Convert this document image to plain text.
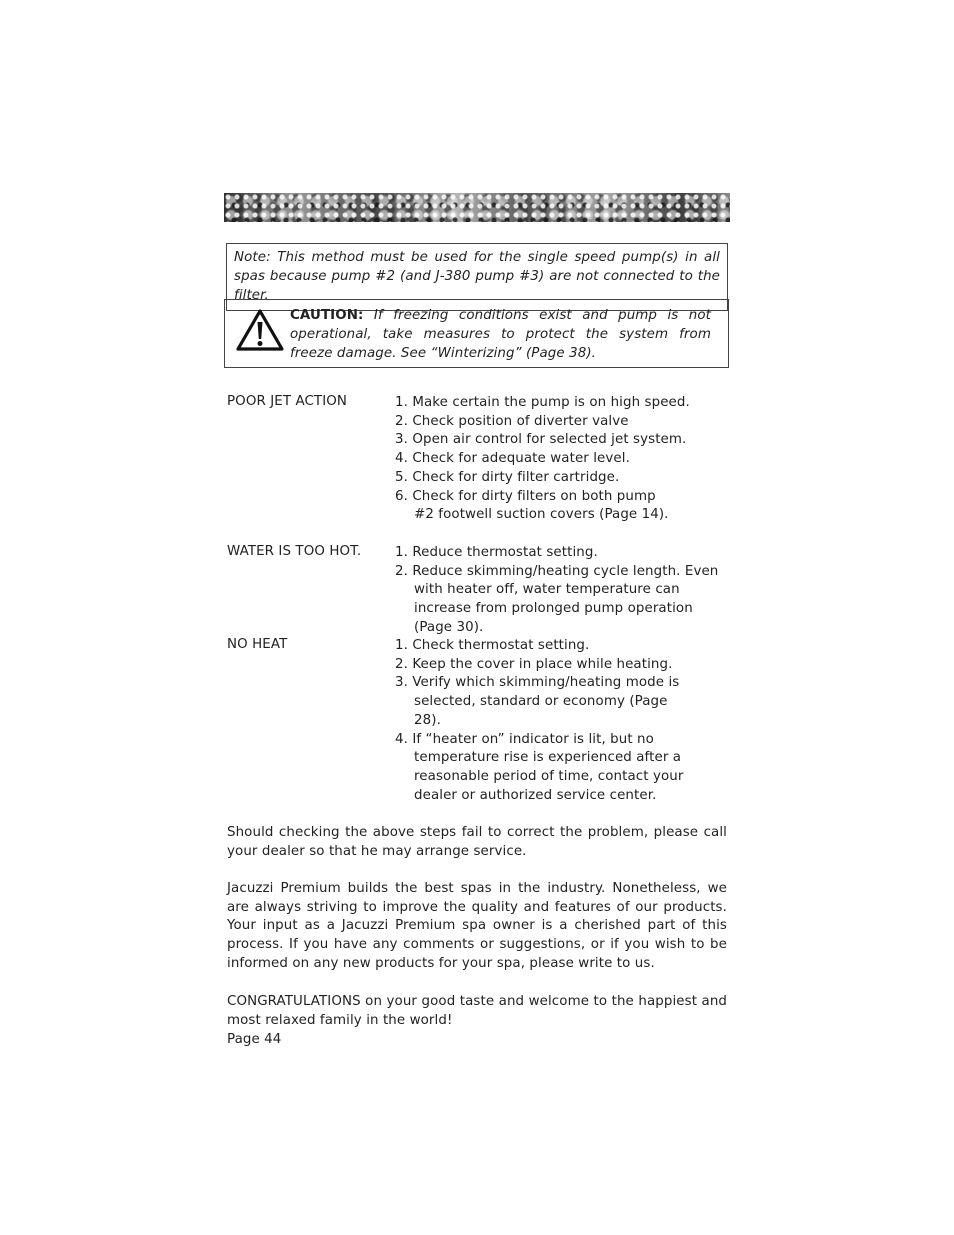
Note: This method must be used for the single speed pump(s) in all spas because pump #2 (and J-380 pump #3) are not connected to the filter.
CAUTION: If freezing conditions exist and pump is not operational, take measures to protect the system from freeze damage. See “Winterizing” (Page 38).
POOR JET ACTION	1. Make certain the pump is on high speed.
2. Check position of diverter valve
3. Open air control for selected jet system.
4. Check for adequate water level.
5. Check for dirty filter cartridge.
6. Check for dirty filters on both pump #2 footwell suction covers (Page 14).
WATER IS TOO HOT.	1. Reduce thermostat setting.
2. Reduce skimming/heating cycle length. Even with heater off, water temperature can increase from prolonged pump operation (Page 30).
NO HEAT	1. Check thermostat setting.
2. Keep the cover in place while heating.
3. Verify which skimming/heating mode is selected, standard or economy (Page 28).
4. If “heater on” indicator is lit, but no temperature rise is experienced after a reasonable period of time, contact your dealer or authorized service center.

Should checking the above steps fail to correct the problem, please call your dealer so that he may arrange service.

Jacuzzi Premium builds the best spas in the industry. Nonetheless, we are always striving to improve the quality and features of our products. Your input as a Jacuzzi Premium spa owner is a cherished part of this process. If you have any comments or suggestions, or if you wish to be informed on any new products for your spa, please write to us.

CONGRATULATIONS on your good taste and welcome to the happiest and most relaxed family in the world!

Page 44
